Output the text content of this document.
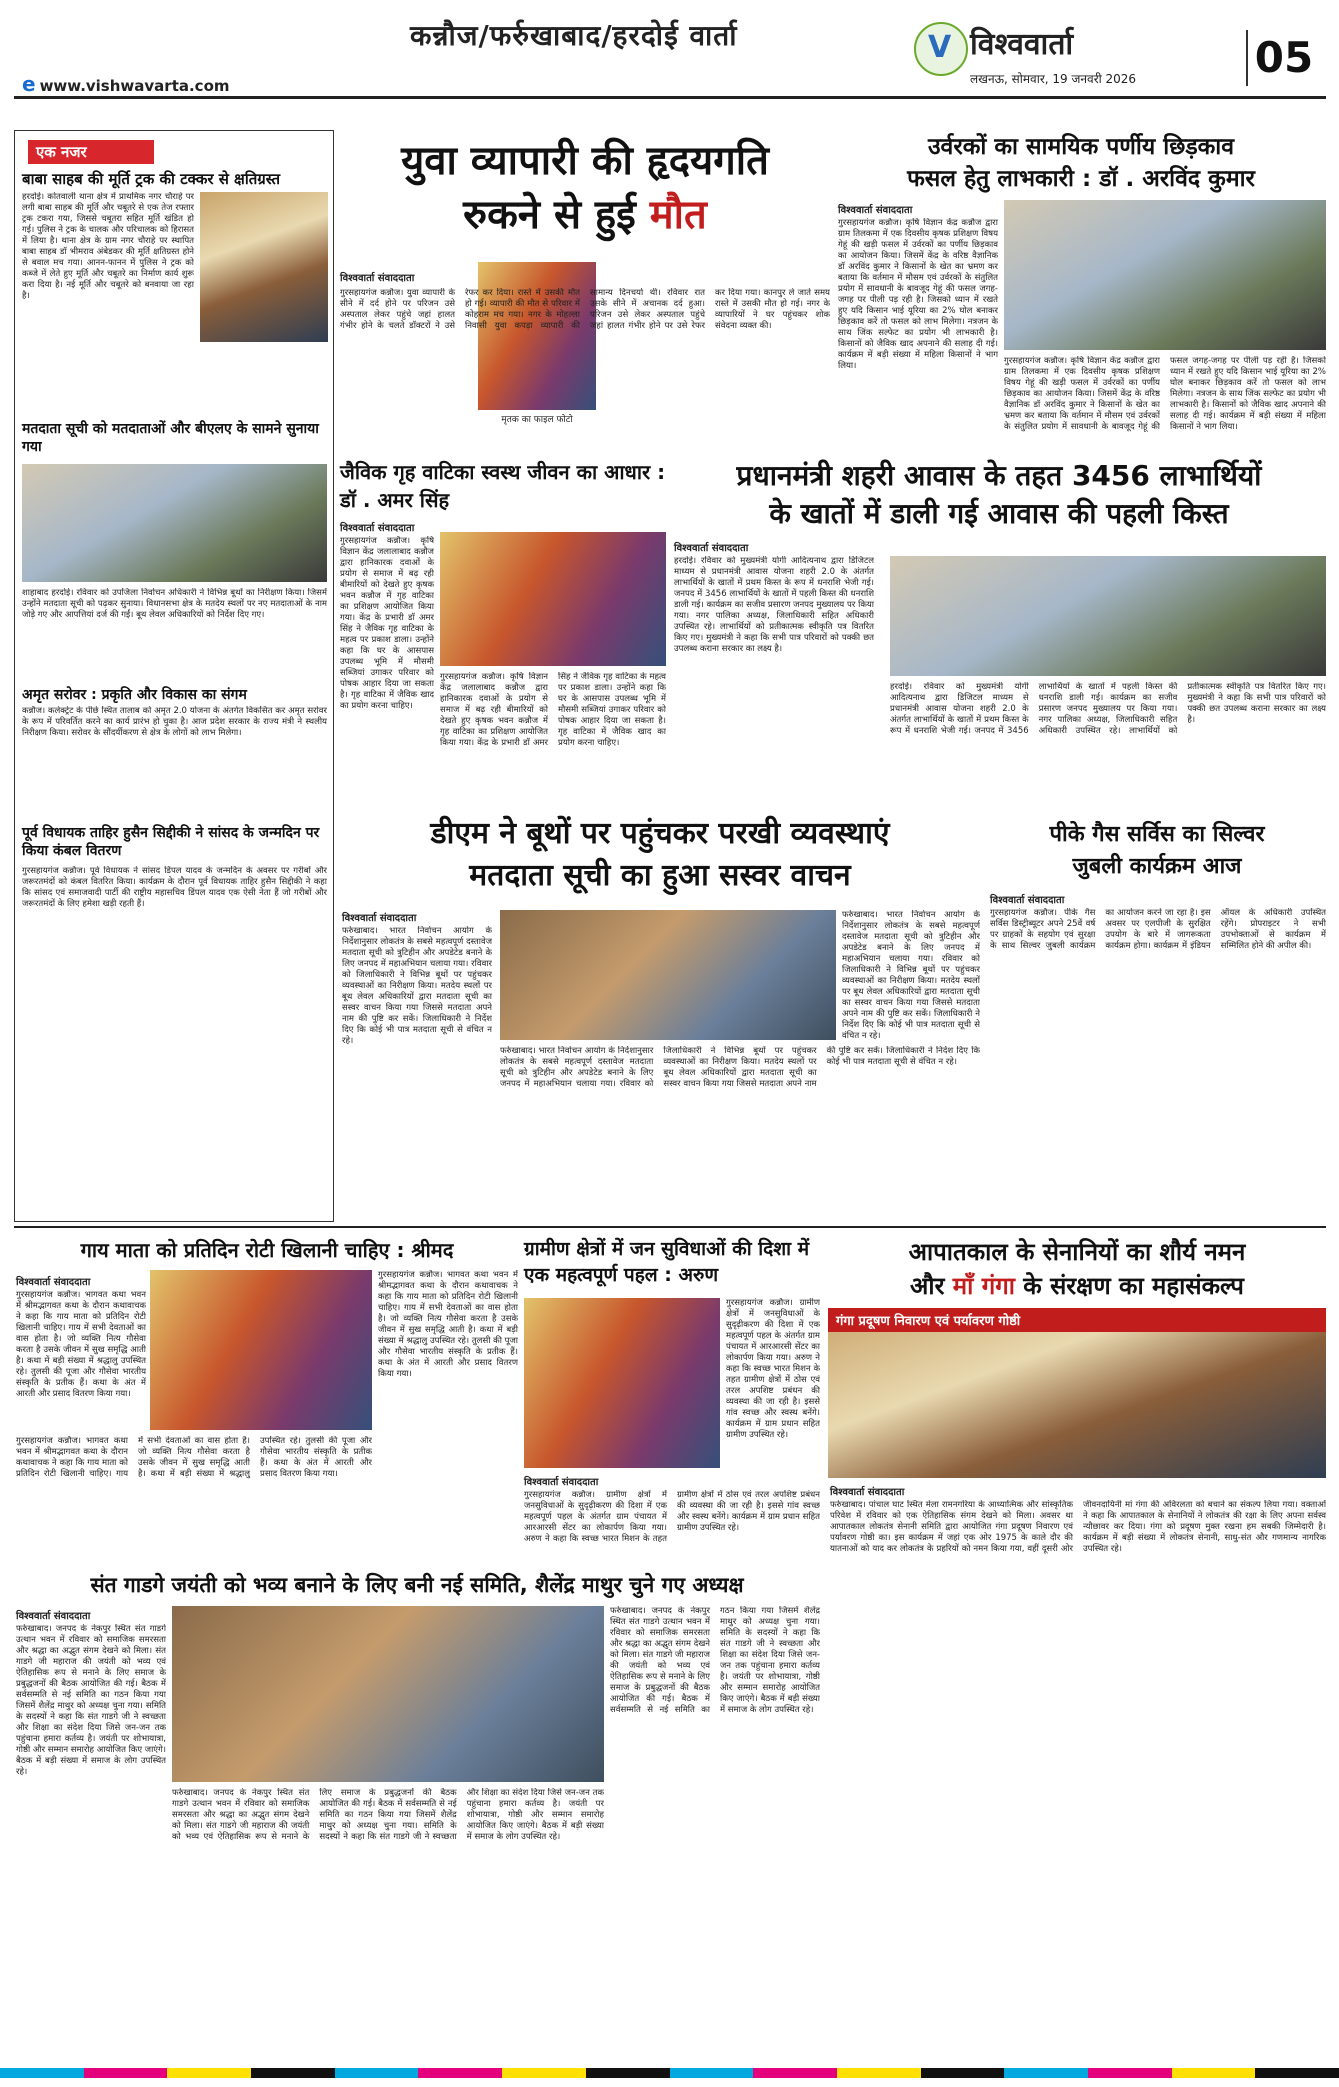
कन्नौज/फर्रुखाबाद/हरदोई वार्ता
e www.vishwavarta.com
V विश्ववार्ता
लखनऊ, सोमवार, 19 जनवरी 2026	05
एक नजर
बाबा साहब की मूर्ति ट्रक की टक्कर से क्षतिग्रस्त
हरदोई। कोतवाली थाना क्षेत्र में प्राथमिक नगर चौराहे पर लगी बाबा साहब की मूर्ति और चबूतरे से एक तेज रफ्तार ट्रक टकरा गया, जिससे चबूतरा सहित मूर्ति खंडित हो गई। पुलिस ने ट्रक के चालक और परिचालक को हिरासत में लिया है। थाना क्षेत्र के ग्राम नगर चौराहे पर स्थापित बाबा साहब डॉ भीमराव अंबेडकर की मूर्ति क्षतिग्रस्त होने से बवाल मच गया। आनन-फानन में पुलिस ने ट्रक को कब्जे में लेते हुए मूर्ति और चबूतरे का निर्माण कार्य शुरू करा दिया है। नई मूर्ति और चबूतरे को बनवाया जा रहा है।
मतदाता सूची को मतदाताओं और बीएलए के सामने सुनाया गया
शाहाबाद हरदोई। रविवार को उपजिला निर्वाचन अधिकारी ने विभिन्न बूथों का निरीक्षण किया। जिसमें उन्होंने मतदाता सूची को पढ़कर सुनाया। विधानसभा क्षेत्र के मतदेय स्थलों पर नए मतदाताओं के नाम जोड़े गए और आपत्तियां दर्ज की गईं। बूथ लेवल अधिकारियों को निर्देश दिए गए।
अमृत सरोवर : प्रकृति और विकास का संगम
कन्नौज। कलेक्ट्रेट के पीछे स्थित तालाब को अमृत 2.0 योजना के अंतर्गत विकसित कर अमृत सरोवर के रूप में परिवर्तित करने का कार्य प्रारंभ हो चुका है। आज प्रदेश सरकार के राज्य मंत्री ने स्थलीय निरीक्षण किया। सरोवर के सौंदर्यीकरण से क्षेत्र के लोगों को लाभ मिलेगा।
पूर्व विधायक ताहिर हुसैन सिद्दीकी ने सांसद के जन्मदिन पर किया कंबल वितरण
गुरसहायगंज कन्नौज। पूर्व विधायक ने सांसद डिंपल यादव के जन्मदिन के अवसर पर गरीबों और जरूरतमंदों को कंबल वितरित किया। कार्यक्रम के दौरान पूर्व विधायक ताहिर हुसैन सिद्दीकी ने कहा कि सांसद एवं समाजवादी पार्टी की राष्ट्रीय महासचिव डिंपल यादव एक ऐसी नेता हैं जो गरीबों और जरूरतमंदों के लिए हमेशा खड़ी रहती हैं।
युवा व्यापारी की हृदयगति
रुकने से हुई मौत
विश्ववार्ता संवाददाता
मृतक का फाइल फोटो
गुरसहायगंज कन्नौज। युवा व्यापारी के सीने में दर्द होने पर परिजन उसे अस्पताल लेकर पहुंचे जहां हालत गंभीर होने के चलते डॉक्टरों ने उसे रेफर कर दिया। रास्ते में उसकी मौत हो गई। व्यापारी की मौत से परिवार में कोहराम मच गया। नगर के मोहल्ला निवासी युवा कपड़ा व्यापारी की सामान्य दिनचर्या थी। रविवार रात उसके सीने में अचानक दर्द हुआ। परिजन उसे लेकर अस्पताल पहुंचे जहां हालत गंभीर होने पर उसे रेफर कर दिया गया। कानपुर ले जाते समय रास्ते में उसकी मौत हो गई। नगर के व्यापारियों ने घर पहुंचकर शोक संवेदना व्यक्त की।
उर्वरकों का सामयिक पर्णीय छिड़काव
फसल हेतु लाभकारी : डॉ . अरविंद कुमार
विश्ववार्ता संवाददाता
गुरसहायगंज कन्नौज। कृषि विज्ञान केंद्र कन्नौज द्वारा ग्राम तिलकमा में एक दिवसीय कृषक प्रशिक्षण विषय गेहूं की खड़ी फसल में उर्वरकों का पर्णीय छिड़काव का आयोजन किया। जिसमें केंद्र के वरिष्ठ वैज्ञानिक डॉ अरविंद कुमार ने किसानों के खेत का भ्रमण कर बताया कि वर्तमान में मौसम एवं उर्वरकों के संतुलित प्रयोग में सावधानी के बावजूद गेहूं की फसल जगह-जगह पर पीली पड़ रही है। जिसको ध्यान में रखते हुए यदि किसान भाई यूरिया का 2% घोल बनाकर छिड़काव करें तो फसल को लाभ मिलेगा। नत्रजन के साथ जिंक सल्फेट का प्रयोग भी लाभकारी है। किसानों को जैविक खाद अपनाने की सलाह दी गई। कार्यक्रम में बड़ी संख्या में महिला किसानों ने भाग लिया।	गुरसहायगंज कन्नौज। कृषि विज्ञान केंद्र कन्नौज द्वारा ग्राम तिलकमा में एक दिवसीय कृषक प्रशिक्षण विषय गेहूं की खड़ी फसल में उर्वरकों का पर्णीय छिड़काव का आयोजन किया। जिसमें केंद्र के वरिष्ठ वैज्ञानिक डॉ अरविंद कुमार ने किसानों के खेत का भ्रमण कर बताया कि वर्तमान में मौसम एवं उर्वरकों के संतुलित प्रयोग में सावधानी के बावजूद गेहूं की फसल जगह-जगह पर पीली पड़ रही है। जिसको ध्यान में रखते हुए यदि किसान भाई यूरिया का 2% घोल बनाकर छिड़काव करें तो फसल को लाभ मिलेगा। नत्रजन के साथ जिंक सल्फेट का प्रयोग भी लाभकारी है। किसानों को जैविक खाद अपनाने की सलाह दी गई। कार्यक्रम में बड़ी संख्या में महिला किसानों ने भाग लिया।
जैविक गृह वाटिका स्वस्थ जीवन का आधार : डॉ . अमर सिंह
विश्ववार्ता संवाददाता
गुरसहायगंज कन्नौज। कृषि विज्ञान केंद्र जलालाबाद कन्नौज द्वारा हानिकारक दवाओं के प्रयोग से समाज में बढ़ रही बीमारियों को देखते हुए कृषक भवन कन्नौज में गृह वाटिका का प्रशिक्षण आयोजित किया गया। केंद्र के प्रभारी डॉ अमर सिंह ने जैविक गृह वाटिका के महत्व पर प्रकाश डाला। उन्होंने कहा कि घर के आसपास उपलब्ध भूमि में मौसमी सब्जियां उगाकर परिवार को पोषक आहार दिया जा सकता है। गृह वाटिका में जैविक खाद का प्रयोग करना चाहिए।
गुरसहायगंज कन्नौज। कृषि विज्ञान केंद्र जलालाबाद कन्नौज द्वारा हानिकारक दवाओं के प्रयोग से समाज में बढ़ रही बीमारियों को देखते हुए कृषक भवन कन्नौज में गृह वाटिका का प्रशिक्षण आयोजित किया गया। केंद्र के प्रभारी डॉ अमर सिंह ने जैविक गृह वाटिका के महत्व पर प्रकाश डाला। उन्होंने कहा कि घर के आसपास उपलब्ध भूमि में मौसमी सब्जियां उगाकर परिवार को पोषक आहार दिया जा सकता है। गृह वाटिका में जैविक खाद का प्रयोग करना चाहिए।
प्रधानमंत्री शहरी आवास के तहत 3456 लाभार्थियों
के खातों में डाली गई आवास की पहली किस्त
विश्ववार्ता संवाददाता
हरदोई। रविवार को मुख्यमंत्री योगी आदित्यनाथ द्वारा डिजिटल माध्यम से प्रधानमंत्री आवास योजना शहरी 2.0 के अंतर्गत लाभार्थियों के खातों में प्रथम किस्त के रूप में धनराशि भेजी गई। जनपद में 3456 लाभार्थियों के खातों में पहली किस्त की धनराशि डाली गई। कार्यक्रम का सजीव प्रसारण जनपद मुख्यालय पर किया गया। नगर पालिका अध्यक्ष, जिलाधिकारी सहित अधिकारी उपस्थित रहे। लाभार्थियों को प्रतीकात्मक स्वीकृति पत्र वितरित किए गए। मुख्यमंत्री ने कहा कि सभी पात्र परिवारों को पक्की छत उपलब्ध कराना सरकार का लक्ष्य है।
हरदोई। रविवार को मुख्यमंत्री योगी आदित्यनाथ द्वारा डिजिटल माध्यम से प्रधानमंत्री आवास योजना शहरी 2.0 के अंतर्गत लाभार्थियों के खातों में प्रथम किस्त के रूप में धनराशि भेजी गई। जनपद में 3456 लाभार्थियों के खातों में पहली किस्त की धनराशि डाली गई। कार्यक्रम का सजीव प्रसारण जनपद मुख्यालय पर किया गया। नगर पालिका अध्यक्ष, जिलाधिकारी सहित अधिकारी उपस्थित रहे। लाभार्थियों को प्रतीकात्मक स्वीकृति पत्र वितरित किए गए। मुख्यमंत्री ने कहा कि सभी पात्र परिवारों को पक्की छत उपलब्ध कराना सरकार का लक्ष्य है।
डीएम ने बूथों पर पहुंचकर परखी व्यवस्थाएं
मतदाता सूची का हुआ सस्वर वाचन
विश्ववार्ता संवाददाता
फर्रुखाबाद। भारत निर्वाचन आयोग के निर्देशानुसार लोकतंत्र के सबसे महत्वपूर्ण दस्तावेज मतदाता सूची को त्रुटिहीन और अपडेटेड बनाने के लिए जनपद में महाअभियान चलाया गया। रविवार को जिलाधिकारी ने विभिन्न बूथों पर पहुंचकर व्यवस्थाओं का निरीक्षण किया। मतदेय स्थलों पर बूथ लेवल अधिकारियों द्वारा मतदाता सूची का सस्वर वाचन किया गया जिससे मतदाता अपने नाम की पुष्टि कर सकें। जिलाधिकारी ने निर्देश दिए कि कोई भी पात्र मतदाता सूची से वंचित न रहे।
फर्रुखाबाद। भारत निर्वाचन आयोग के निर्देशानुसार लोकतंत्र के सबसे महत्वपूर्ण दस्तावेज मतदाता सूची को त्रुटिहीन और अपडेटेड बनाने के लिए जनपद में महाअभियान चलाया गया। रविवार को जिलाधिकारी ने विभिन्न बूथों पर पहुंचकर व्यवस्थाओं का निरीक्षण किया। मतदेय स्थलों पर बूथ लेवल अधिकारियों द्वारा मतदाता सूची का सस्वर वाचन किया गया जिससे मतदाता अपने नाम की पुष्टि कर सकें। जिलाधिकारी ने निर्देश दिए कि कोई भी पात्र मतदाता सूची से वंचित न रहे।
फर्रुखाबाद। भारत निर्वाचन आयोग के निर्देशानुसार लोकतंत्र के सबसे महत्वपूर्ण दस्तावेज मतदाता सूची को त्रुटिहीन और अपडेटेड बनाने के लिए जनपद में महाअभियान चलाया गया। रविवार को जिलाधिकारी ने विभिन्न बूथों पर पहुंचकर व्यवस्थाओं का निरीक्षण किया। मतदेय स्थलों पर बूथ लेवल अधिकारियों द्वारा मतदाता सूची का सस्वर वाचन किया गया जिससे मतदाता अपने नाम की पुष्टि कर सकें। जिलाधिकारी ने निर्देश दिए कि कोई भी पात्र मतदाता सूची से वंचित न रहे।
पीके गैस सर्विस का सिल्वर
जुबली कार्यक्रम आज
विश्ववार्ता संवाददाता
गुरसहायगंज कन्नौज। पीके गैस सर्विस डिस्ट्रीब्यूटर अपने 25वें वर्ष पर ग्राहकों के सहयोग एवं सुरक्षा के साथ सिल्वर जुबली कार्यक्रम का आयोजन करने जा रहा है। इस अवसर पर एलपीजी के सुरक्षित उपयोग के बारे में जागरूकता कार्यक्रम होगा। कार्यक्रम में इंडियन ऑयल के अधिकारी उपस्थित रहेंगे। प्रोपराइटर ने सभी उपभोक्ताओं से कार्यक्रम में सम्मिलित होने की अपील की।
गाय माता को प्रतिदिन रोटी खिलानी चाहिए : श्रीमद
विश्ववार्ता संवाददाता
गुरसहायगंज कन्नौज। भागवत कथा भवन में श्रीमद्भागवत कथा के दौरान कथावाचक ने कहा कि गाय माता को प्रतिदिन रोटी खिलानी चाहिए। गाय में सभी देवताओं का वास होता है। जो व्यक्ति नित्य गौसेवा करता है उसके जीवन में सुख समृद्धि आती है। कथा में बड़ी संख्या में श्रद्धालु उपस्थित रहे। तुलसी की पूजा और गौसेवा भारतीय संस्कृति के प्रतीक हैं। कथा के अंत में आरती और प्रसाद वितरण किया गया।
गुरसहायगंज कन्नौज। भागवत कथा भवन में श्रीमद्भागवत कथा के दौरान कथावाचक ने कहा कि गाय माता को प्रतिदिन रोटी खिलानी चाहिए। गाय में सभी देवताओं का वास होता है। जो व्यक्ति नित्य गौसेवा करता है उसके जीवन में सुख समृद्धि आती है। कथा में बड़ी संख्या में श्रद्धालु उपस्थित रहे। तुलसी की पूजा और गौसेवा भारतीय संस्कृति के प्रतीक हैं। कथा के अंत में आरती और प्रसाद वितरण किया गया।
गुरसहायगंज कन्नौज। भागवत कथा भवन में श्रीमद्भागवत कथा के दौरान कथावाचक ने कहा कि गाय माता को प्रतिदिन रोटी खिलानी चाहिए। गाय में सभी देवताओं का वास होता है। जो व्यक्ति नित्य गौसेवा करता है उसके जीवन में सुख समृद्धि आती है। कथा में बड़ी संख्या में श्रद्धालु उपस्थित रहे। तुलसी की पूजा और गौसेवा भारतीय संस्कृति के प्रतीक हैं। कथा के अंत में आरती और प्रसाद वितरण किया गया।
ग्रामीण क्षेत्रों में जन सुविधाओं की दिशा में एक महत्वपूर्ण पहल : अरुण
विश्ववार्ता संवाददाता
गुरसहायगंज कन्नौज। ग्रामीण क्षेत्रों में जनसुविधाओं के सुदृढ़ीकरण की दिशा में एक महत्वपूर्ण पहल के अंतर्गत ग्राम पंचायत में आरआरसी सेंटर का लोकार्पण किया गया। अरुण ने कहा कि स्वच्छ भारत मिशन के तहत ग्रामीण क्षेत्रों में ठोस एवं तरल अपशिष्ट प्रबंधन की व्यवस्था की जा रही है। इससे गांव स्वच्छ और स्वस्थ बनेंगे। कार्यक्रम में ग्राम प्रधान सहित ग्रामीण उपस्थित रहे।
गुरसहायगंज कन्नौज। ग्रामीण क्षेत्रों में जनसुविधाओं के सुदृढ़ीकरण की दिशा में एक महत्वपूर्ण पहल के अंतर्गत ग्राम पंचायत में आरआरसी सेंटर का लोकार्पण किया गया। अरुण ने कहा कि स्वच्छ भारत मिशन के तहत ग्रामीण क्षेत्रों में ठोस एवं तरल अपशिष्ट प्रबंधन की व्यवस्था की जा रही है। इससे गांव स्वच्छ और स्वस्थ बनेंगे। कार्यक्रम में ग्राम प्रधान सहित ग्रामीण उपस्थित रहे।
आपातकाल के सेनानियों का शौर्य नमन
और माँ गंगा के संरक्षण का महासंकल्प
गंगा प्रदूषण निवारण एवं पर्यावरण गोष्ठी
विश्ववार्ता संवाददाता
फर्रुखाबाद। पांचाल घाट स्थित मेला रामनगरिया के आध्यात्मिक और सांस्कृतिक परिवेश में रविवार को एक ऐतिहासिक संगम देखने को मिला। अवसर था आपातकाल लोकतंत्र सेनानी समिति द्वारा आयोजित गंगा प्रदूषण निवारण एवं पर्यावरण गोष्ठी का। इस कार्यक्रम में जहां एक ओर 1975 के काले दौर की यातनाओं को याद कर लोकतंत्र के प्रहरियों को नमन किया गया, वहीं दूसरी ओर जीवनदायिनी मां गंगा की अविरलता को बचाने का संकल्प लिया गया। वक्ताओं ने कहा कि आपातकाल के सेनानियों ने लोकतंत्र की रक्षा के लिए अपना सर्वस्व न्यौछावर कर दिया। गंगा को प्रदूषण मुक्त रखना हम सबकी जिम्मेदारी है। कार्यक्रम में बड़ी संख्या में लोकतंत्र सेनानी, साधु-संत और गणमान्य नागरिक उपस्थित रहे।
संत गाडगे जयंती को भव्य बनाने के लिए बनी नई समिति, शैलेंद्र माथुर चुने गए अध्यक्ष
विश्ववार्ता संवाददाता
फर्रुखाबाद। जनपद के नेकपुर स्थित संत गाडगे उत्थान भवन में रविवार को समाजिक समरसता और श्रद्धा का अद्भुत संगम देखने को मिला। संत गाडगे जी महाराज की जयंती को भव्य एवं ऐतिहासिक रूप से मनाने के लिए समाज के प्रबुद्धजनों की बैठक आयोजित की गई। बैठक में सर्वसम्मति से नई समिति का गठन किया गया जिसमें शैलेंद्र माथुर को अध्यक्ष चुना गया। समिति के सदस्यों ने कहा कि संत गाडगे जी ने स्वच्छता और शिक्षा का संदेश दिया जिसे जन-जन तक पहुंचाना हमारा कर्तव्य है। जयंती पर शोभायात्रा, गोष्ठी और सम्मान समारोह आयोजित किए जाएंगे। बैठक में बड़ी संख्या में समाज के लोग उपस्थित रहे।
फर्रुखाबाद। जनपद के नेकपुर स्थित संत गाडगे उत्थान भवन में रविवार को समाजिक समरसता और श्रद्धा का अद्भुत संगम देखने को मिला। संत गाडगे जी महाराज की जयंती को भव्य एवं ऐतिहासिक रूप से मनाने के लिए समाज के प्रबुद्धजनों की बैठक आयोजित की गई। बैठक में सर्वसम्मति से नई समिति का गठन किया गया जिसमें शैलेंद्र माथुर को अध्यक्ष चुना गया। समिति के सदस्यों ने कहा कि संत गाडगे जी ने स्वच्छता और शिक्षा का संदेश दिया जिसे जन-जन तक पहुंचाना हमारा कर्तव्य है। जयंती पर शोभायात्रा, गोष्ठी और सम्मान समारोह आयोजित किए जाएंगे। बैठक में बड़ी संख्या में समाज के लोग उपस्थित रहे।
फर्रुखाबाद। जनपद के नेकपुर स्थित संत गाडगे उत्थान भवन में रविवार को समाजिक समरसता और श्रद्धा का अद्भुत संगम देखने को मिला। संत गाडगे जी महाराज की जयंती को भव्य एवं ऐतिहासिक रूप से मनाने के लिए समाज के प्रबुद्धजनों की बैठक आयोजित की गई। बैठक में सर्वसम्मति से नई समिति का गठन किया गया जिसमें शैलेंद्र माथुर को अध्यक्ष चुना गया। समिति के सदस्यों ने कहा कि संत गाडगे जी ने स्वच्छता और शिक्षा का संदेश दिया जिसे जन-जन तक पहुंचाना हमारा कर्तव्य है। जयंती पर शोभायात्रा, गोष्ठी और सम्मान समारोह आयोजित किए जाएंगे। बैठक में बड़ी संख्या में समाज के लोग उपस्थित रहे।
